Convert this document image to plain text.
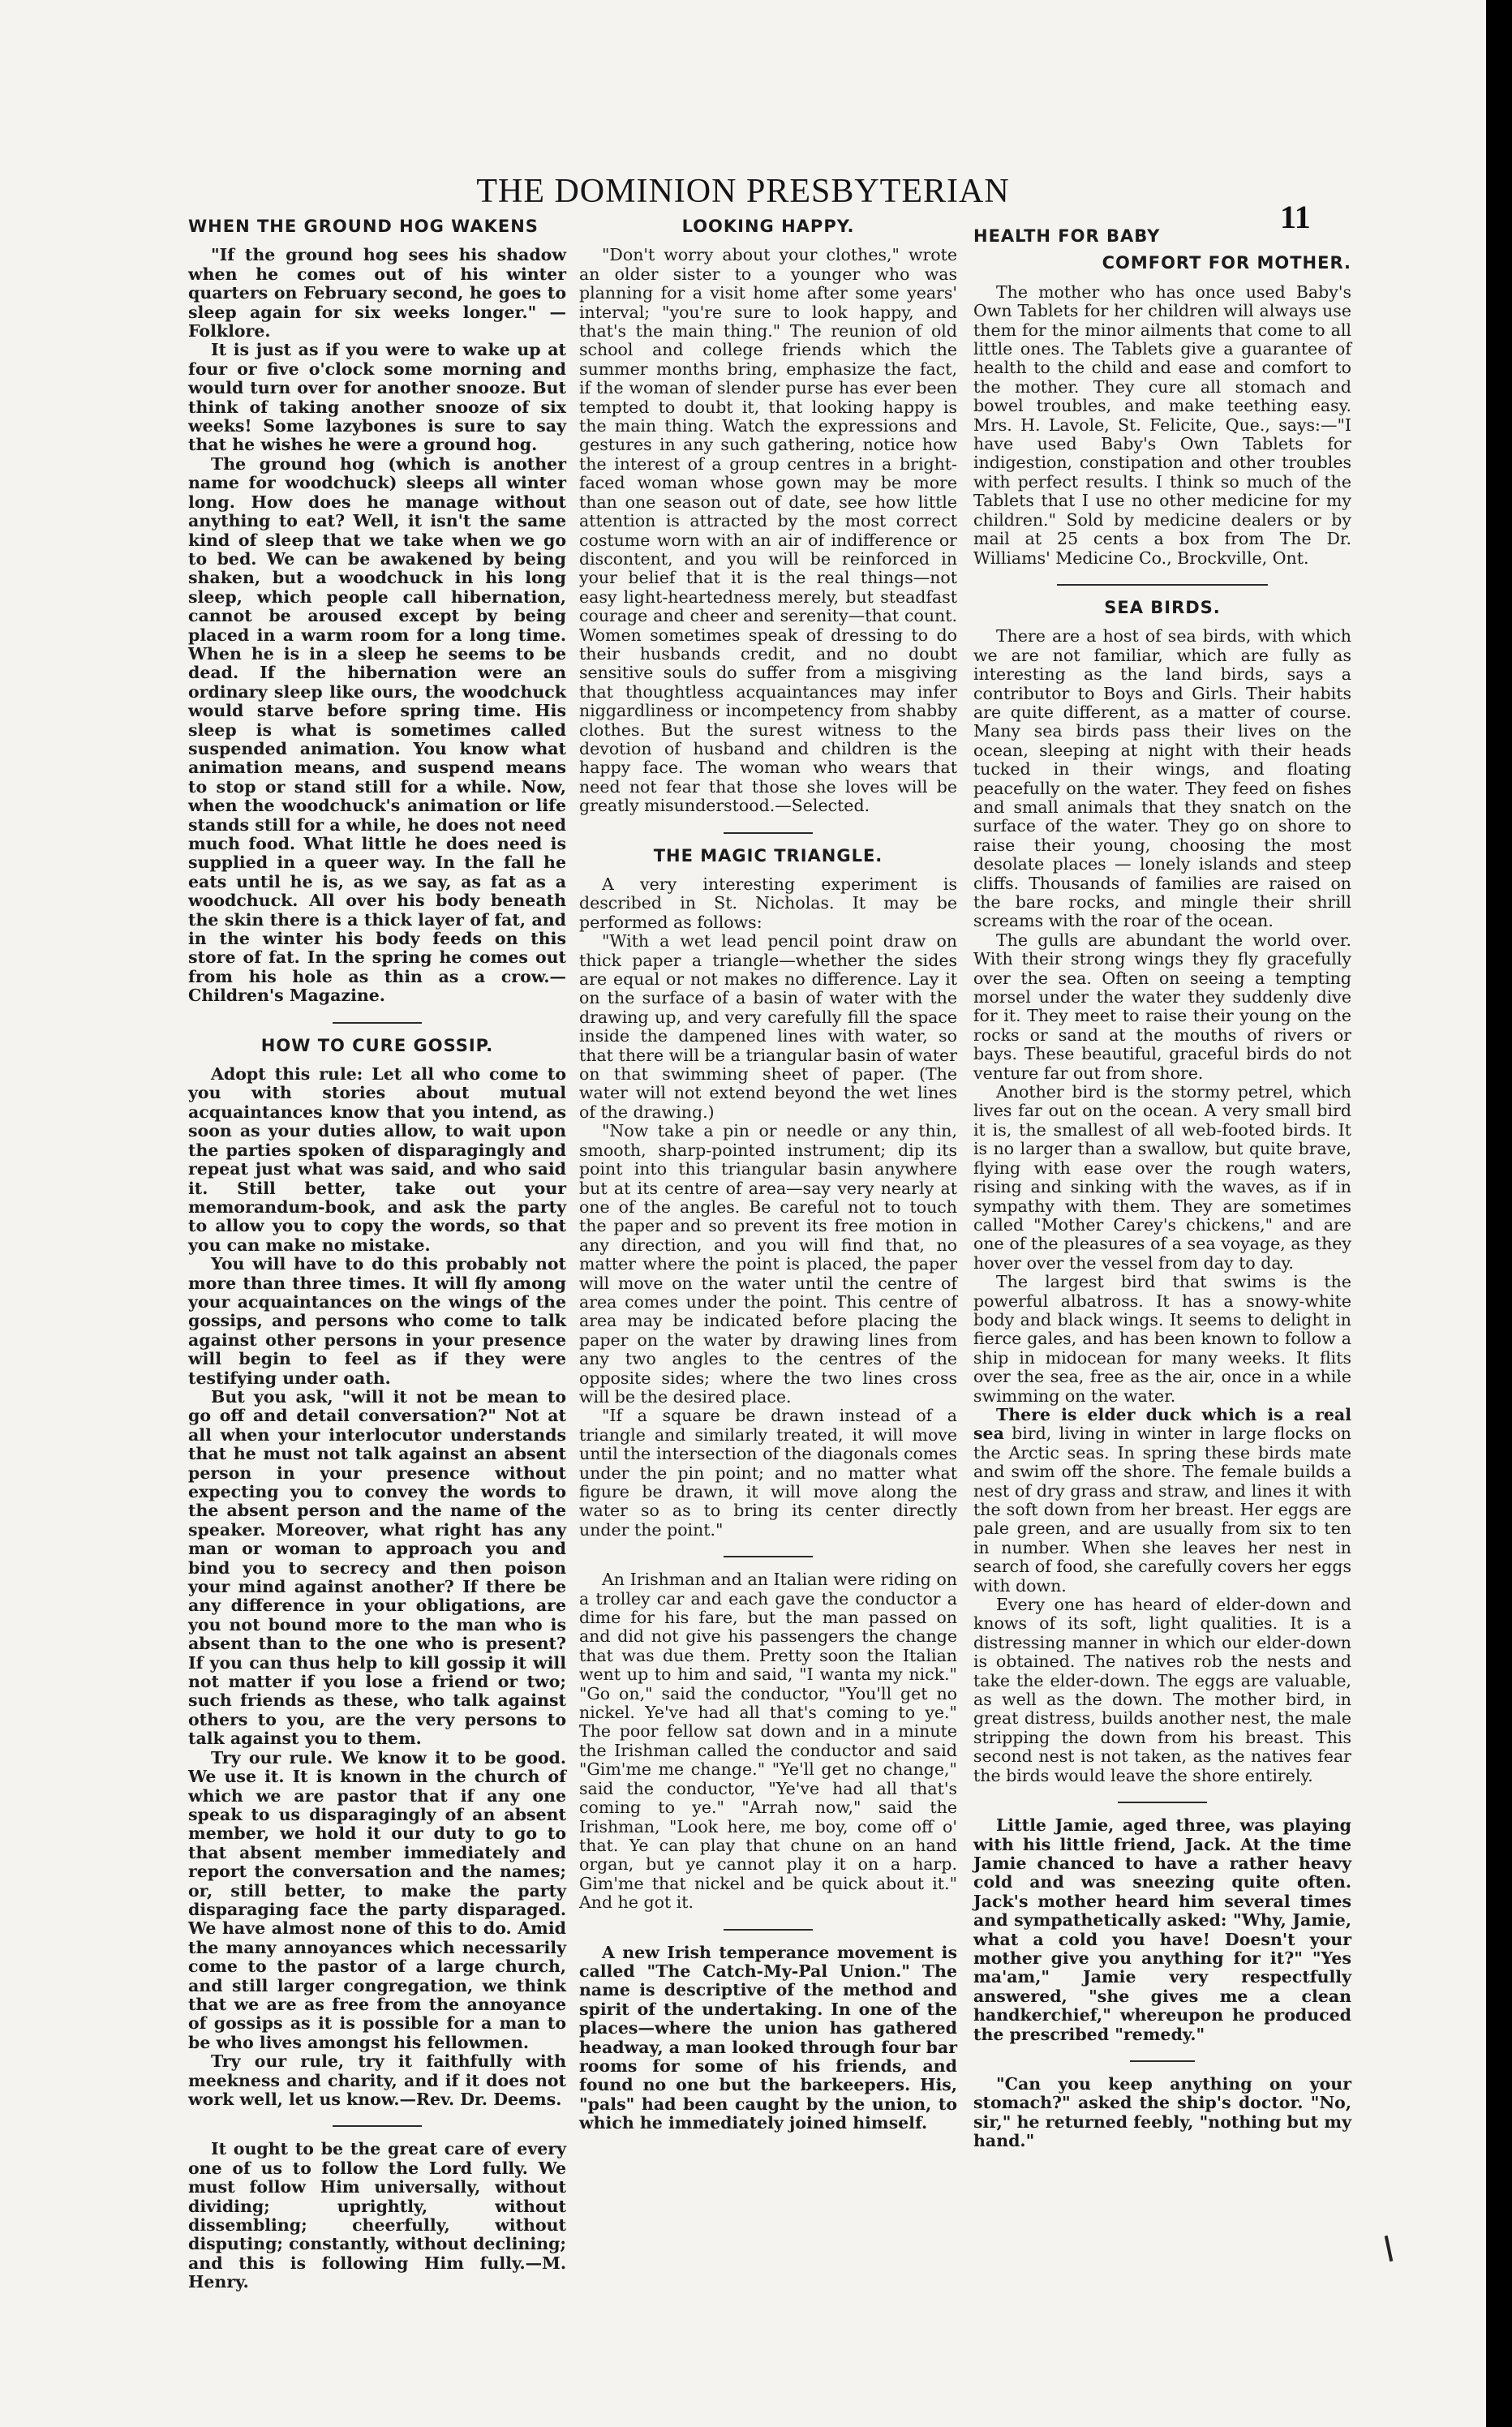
THE DOMINION PRESBYTERIAN
11
WHEN THE GROUND HOG WAKENS

"If the ground hog sees his shadow when he comes out of his winter quarters on February second, he goes to sleep again for six weeks longer." —Folklore.

It is just as if you were to wake up at four or five o'clock some morning and would turn over for another snooze. But think of taking another snooze of six weeks! Some lazybones is sure to say that he wishes he were a ground hog.

The ground hog (which is another name for woodchuck) sleeps all winter long. How does he manage without anything to eat? Well, it isn't the same kind of sleep that we take when we go to bed. We can be awakened by being shaken, but a woodchuck in his long sleep, which people call hibernation, cannot be aroused except by being placed in a warm room for a long time. When he is in a sleep he seems to be dead. If the hibernation were an ordinary sleep like ours, the woodchuck would starve before spring time. His sleep is what is sometimes called suspended animation. You know what animation means, and suspend means to stop or stand still for a while. Now, when the woodchuck's animation or life stands still for a while, he does not need much food. What little he does need is supplied in a queer way. In the fall he eats until he is, as we say, as fat as a woodchuck. All over his body beneath the skin there is a thick layer of fat, and in the winter his body feeds on this store of fat. In the spring he comes out from his hole as thin as a crow.—Children's Magazine.

HOW TO CURE GOSSIP.

Adopt this rule: Let all who come to you with stories about mutual acquaintances know that you intend, as soon as your duties allow, to wait upon the parties spoken of disparagingly and repeat just what was said, and who said it. Still better, take out your memorandum-book, and ask the party to allow you to copy the words, so that you can make no mistake.

You will have to do this probably not more than three times. It will fly among your acquaintances on the wings of the gossips, and persons who come to talk against other persons in your presence will begin to feel as if they were testifying under oath.

But you ask, "will it not be mean to go off and detail conversation?" Not at all when your interlocutor understands that he must not talk against an absent person in your presence without expecting you to convey the words to the absent person and the name of the speaker. Moreover, what right has any man or woman to approach you and bind you to secrecy and then poison your mind against another? If there be any difference in your obligations, are you not bound more to the man who is absent than to the one who is present? If you can thus help to kill gossip it will not matter if you lose a friend or two; such friends as these, who talk against others to you, are the very persons to talk against you to them.

Try our rule. We know it to be good. We use it. It is known in the church of which we are pastor that if any one speak to us disparagingly of an absent member, we hold it our duty to go to that absent member immediately and report the conversation and the names; or, still better, to make the party disparaging face the party disparaged. We have almost none of this to do. Amid the many annoyances which necessarily come to the pastor of a large church, and still larger congregation, we think that we are as free from the annoyance of gossips as it is possible for a man to be who lives amongst his fellowmen.

Try our rule, try it faithfully with meekness and charity, and if it does not work well, let us know.—Rev. Dr. Deems.

It ought to be the great care of every one of us to follow the Lord fully. We must follow Him universally, without dividing; uprightly, without dissembling; cheerfully, without disputing; constantly, without declining; and this is following Him fully.—M. Henry.

LOOKING HAPPY.

"Don't worry about your clothes," wrote an older sister to a younger who was planning for a visit home after some years' interval; "you're sure to look happy, and that's the main thing." The reunion of old school and college friends which the summer months bring, emphasize the fact, if the woman of slender purse has ever been tempted to doubt it, that looking happy is the main thing. Watch the expressions and gestures in any such gathering, notice how the interest of a group centres in a bright-faced woman whose gown may be more than one season out of date, see how little attention is attracted by the most correct costume worn with an air of indifference or discontent, and you will be reinforced in your belief that it is the real things—not easy light-heartedness merely, but steadfast courage and cheer and serenity—that count. Women sometimes speak of dressing to do their husbands credit, and no doubt sensitive souls do suffer from a misgiving that thoughtless acquaintances may infer niggardliness or incompetency from shabby clothes. But the surest witness to the devotion of husband and children is the happy face. The woman who wears that need not fear that those she loves will be greatly misunderstood.—Selected.

THE MAGIC TRIANGLE.

A very interesting experiment is described in St. Nicholas. It may be performed as follows:

"With a wet lead pencil point draw on thick paper a triangle—whether the sides are equal or not makes no difference. Lay it on the surface of a basin of water with the drawing up, and very carefully fill the space inside the dampened lines with water, so that there will be a triangular basin of water on that swimming sheet of paper. (The water will not extend beyond the wet lines of the drawing.)

"Now take a pin or needle or any thin, smooth, sharp-pointed instrument; dip its point into this triangular basin anywhere but at its centre of area—say very nearly at one of the angles. Be careful not to touch the paper and so prevent its free motion in any direction, and you will find that, no matter where the point is placed, the paper will move on the water until the centre of area comes under the point. This centre of area may be indicated before placing the paper on the water by drawing lines from any two angles to the centres of the opposite sides; where the two lines cross will be the desired place.

"If a square be drawn instead of a triangle and similarly treated, it will move until the intersection of the diagonals comes under the pin point; and no matter what figure be drawn, it will move along the water so as to bring its center directly under the point."

An Irishman and an Italian were riding on a trolley car and each gave the conductor a dime for his fare, but the man passed on and did not give his passengers the change that was due them. Pretty soon the Italian went up to him and said, "I wanta my nick." "Go on," said the conductor, "You'll get no nickel. Ye've had all that's coming to ye." The poor fellow sat down and in a minute the Irishman called the conductor and said "Gim'me me change." "Ye'll get no change," said the conductor, "Ye've had all that's coming to ye." "Arrah now," said the Irishman, "Look here, me boy, come off o' that. Ye can play that chune on an hand organ, but ye cannot play it on a harp. Gim'me that nickel and be quick about it." And he got it.

A new Irish temperance movement is called "The Catch-My-Pal Union." The name is descriptive of the method and spirit of the undertaking. In one of the places—where the union has gathered headway, a man looked through four bar rooms for some of his friends, and found no one but the barkeepers. His, "pals" had been caught by the union, to which he immediately joined himself.

HEALTH FOR BABY
COMFORT FOR MOTHER.

The mother who has once used Baby's Own Tablets for her children will always use them for the minor ailments that come to all little ones. The Tablets give a guarantee of health to the child and ease and comfort to the mother. They cure all stomach and bowel troubles, and make teething easy. Mrs. H. Lavole, St. Felicite, Que., says:—"I have used Baby's Own Tablets for indigestion, constipation and other troubles with perfect results. I think so much of the Tablets that I use no other medicine for my children." Sold by medicine dealers or by mail at 25 cents a box from The Dr. Williams' Medicine Co., Brockville, Ont.

SEA BIRDS.

There are a host of sea birds, with which we are not familiar, which are fully as interesting as the land birds, says a contributor to Boys and Girls. Their habits are quite different, as a matter of course. Many sea birds pass their lives on the ocean, sleeping at night with their heads tucked in their wings, and floating peacefully on the water. They feed on fishes and small animals that they snatch on the surface of the water. They go on shore to raise their young, choosing the most desolate places — lonely islands and steep cliffs. Thousands of families are raised on the bare rocks, and mingle their shrill screams with the roar of the ocean.

The gulls are abundant the world over. With their strong wings they fly gracefully over the sea. Often on seeing a tempting morsel under the water they suddenly dive for it. They meet to raise their young on the rocks or sand at the mouths of rivers or bays. These beautiful, graceful birds do not venture far out from shore.

Another bird is the stormy petrel, which lives far out on the ocean. A very small bird it is, the smallest of all web-footed birds. It is no larger than a swallow, but quite brave, flying with ease over the rough waters, rising and sinking with the waves, as if in sympathy with them. They are sometimes called "Mother Carey's chickens," and are one of the pleasures of a sea voyage, as they hover over the vessel from day to day.

The largest bird that swims is the powerful albatross. It has a snowy-white body and black wings. It seems to delight in fierce gales, and has been known to follow a ship in midocean for many weeks. It flits over the sea, free as the air, once in a while swimming on the water.

There is elder duck which is a real sea bird, living in winter in large flocks on the Arctic seas. In spring these birds mate and swim off the shore. The female builds a nest of dry grass and straw, and lines it with the soft down from her breast. Her eggs are pale green, and are usually from six to ten in number. When she leaves her nest in search of food, she carefully covers her eggs with down.

Every one has heard of elder-down and knows of its soft, light qualities. It is a distressing manner in which our elder-down is obtained. The natives rob the nests and take the elder-down. The eggs are valuable, as well as the down. The mother bird, in great distress, builds another nest, the male stripping the down from his breast. This second nest is not taken, as the natives fear the birds would leave the shore entirely.

Little Jamie, aged three, was playing with his little friend, Jack. At the time Jamie chanced to have a rather heavy cold and was sneezing quite often. Jack's mother heard him several times and sympathetically asked: "Why, Jamie, what a cold you have! Doesn't your mother give you anything for it?" "Yes ma'am," Jamie very respectfully answered, "she gives me a clean handkerchief," whereupon he produced the prescribed "remedy."

"Can you keep anything on your stomach?" asked the ship's doctor. "No, sir," he returned feebly, "nothing but my hand."
